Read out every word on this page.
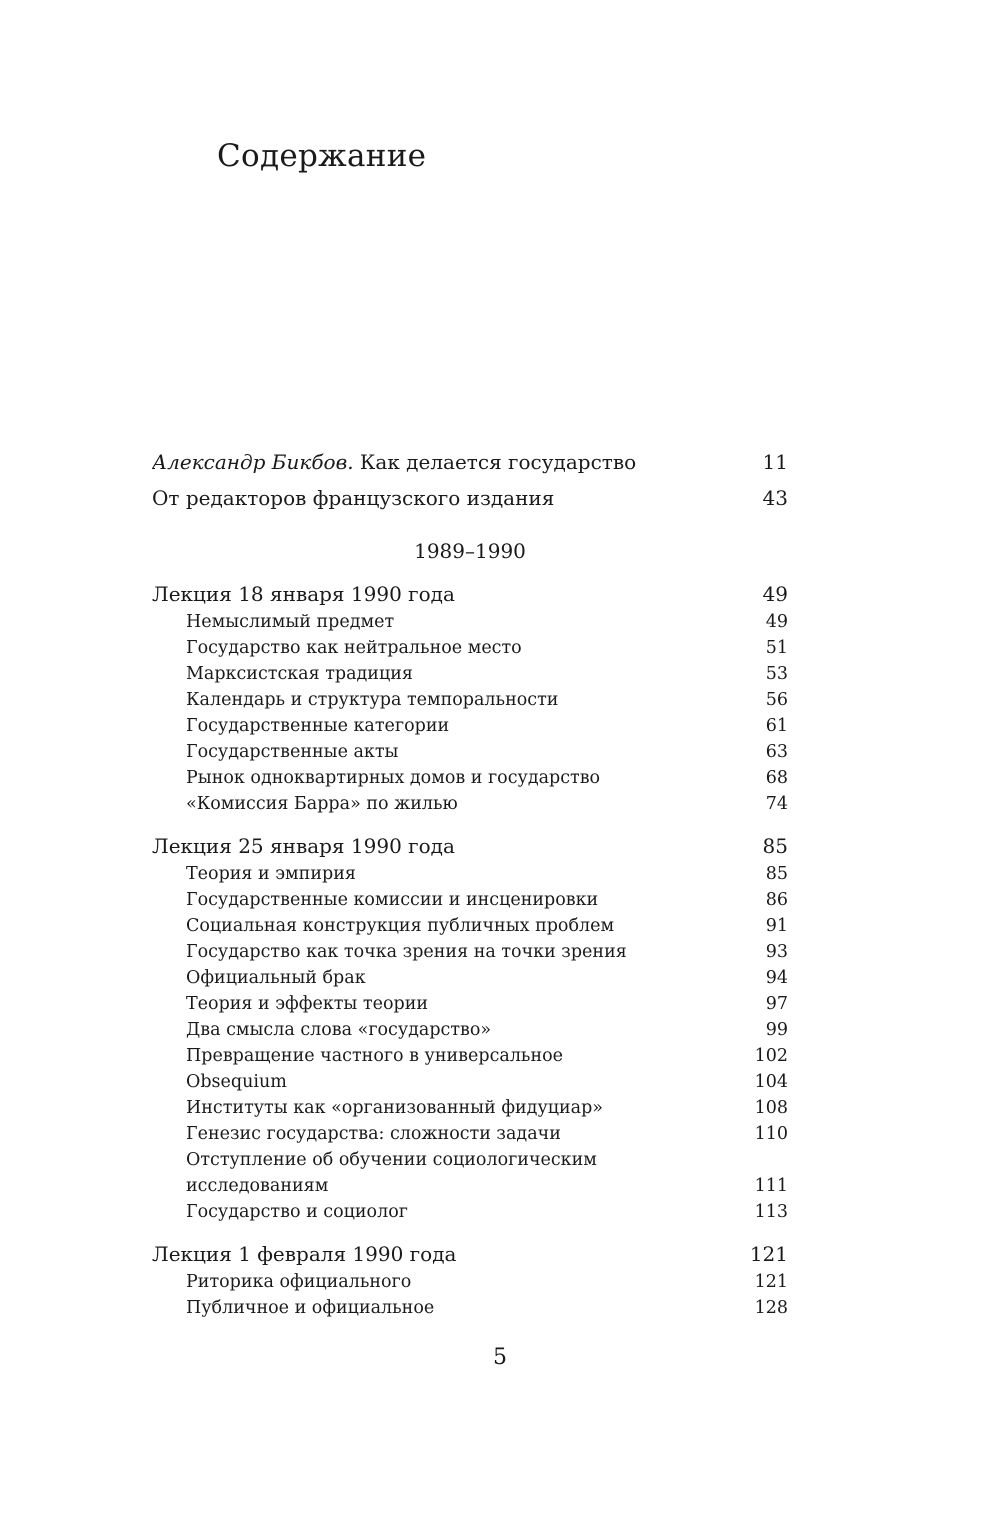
Содержание
Александр Бикбов. Как делается государство	11
От редакторов французского издания	43
1989–1990
Лекция 18 января 1990 года	49
Немыслимый предмет	49
Государство как нейтральное место	51
Марксистская традиция	53
Календарь и структура темпоральности	56
Государственные категории	61
Государственные акты	63
Рынок одноквартирных домов и государство	68
«Комиссия Барра» по жилью	74
Лекция 25 января 1990 года	85
Теория и эмпирия	85
Государственные комиссии и инсценировки	86
Социальная конструкция публичных проблем	91
Государство как точка зрения на точки зрения	93
Официальный брак	94
Теория и эффекты теории	97
Два смысла слова «государство»	99
Превращение частного в универсальное	102
Obsequium	104
Институты как «организованный фидуциар»	108
Генезис государства: сложности задачи	110
Отступление об обучении социологическим
исследованиям	111
Государство и социолог	113
Лекция 1 февраля 1990 года	121
Риторика официального	121
Публичное и официальное	128
5
